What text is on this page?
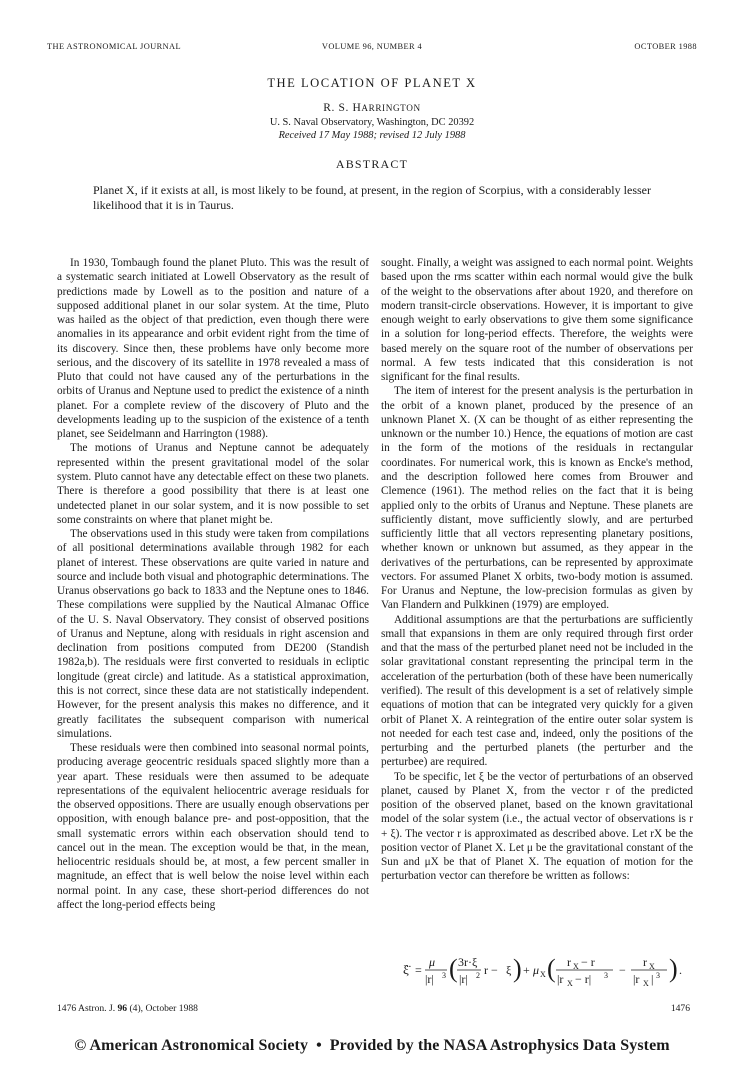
THE ASTRONOMICAL JOURNAL	VOLUME 96, NUMBER 4	OCTOBER 1988
THE LOCATION OF PLANET X
R. S. HARRINGTON
U. S. Naval Observatory, Washington, DC 20392
Received 17 May 1988; revised 12 July 1988
ABSTRACT
Planet X, if it exists at all, is most likely to be found, at present, in the region of Scorpius, with a considerably lesser likelihood that it is in Taurus.

In 1930, Tombaugh found the planet Pluto. This was the result of a systematic search initiated at Lowell Observatory as the result of predictions made by Lowell as to the position and nature of a supposed additional planet in our solar system. At the time, Pluto was hailed as the object of that prediction, even though there were anomalies in its appearance and orbit evident right from the time of its discovery. Since then, these problems have only become more serious, and the discovery of its satellite in 1978 revealed a mass of Pluto that could not have caused any of the perturbations in the orbits of Uranus and Neptune used to predict the existence of a ninth planet. For a complete review of the discovery of Pluto and the developments leading up to the suspicion of the existence of a tenth planet, see Seidelmann and Harrington (1988).

The motions of Uranus and Neptune cannot be adequately represented within the present gravitational model of the solar system. Pluto cannot have any detectable effect on these two planets. There is therefore a good possibility that there is at least one undetected planet in our solar system, and it is now possible to set some constraints on where that planet might be.

The observations used in this study were taken from compilations of all positional determinations available through 1982 for each planet of interest. These observations are quite varied in nature and source and include both visual and photographic determinations. The Uranus observations go back to 1833 and the Neptune ones to 1846. These compilations were supplied by the Nautical Almanac Office of the U. S. Naval Observatory. They consist of observed positions of Uranus and Neptune, along with residuals in right ascension and declination from positions computed from DE200 (Standish 1982a,b). The residuals were first converted to residuals in ecliptic longitude (great circle) and latitude. As a statistical approximation, this is not correct, since these data are not statistically independent. However, for the present analysis this makes no difference, and it greatly facilitates the subsequent comparison with numerical simulations.

These residuals were then combined into seasonal normal points, producing average geocentric residuals spaced slightly more than a year apart. These residuals were then assumed to be adequate representations of the equivalent heliocentric average residuals for the observed oppositions. There are usually enough observations per opposition, with enough balance pre- and post-opposition, that the small systematic errors within each observation should tend to cancel out in the mean. The exception would be that, in the mean, heliocentric residuals should be, at most, a few percent smaller in magnitude, an effect that is well below the noise level within each normal point. In any case, these short-period differences do not affect the long-period effects being

sought. Finally, a weight was assigned to each normal point. Weights based upon the rms scatter within each normal would give the bulk of the weight to the observations after about 1920, and therefore on modern transit-circle observations. However, it is important to give enough weight to early observations to give them some significance in a solution for long-period effects. Therefore, the weights were based merely on the square root of the number of observations per normal. A few tests indicated that this consideration is not significant for the final results.

The item of interest for the present analysis is the perturbation in the orbit of a known planet, produced by the presence of an unknown Planet X. (X can be thought of as either representing the unknown or the number 10.) Hence, the equations of motion are cast in the form of the motions of the residuals in rectangular coordinates. For numerical work, this is known as Encke's method, and the description followed here comes from Brouwer and Clemence (1961). The method relies on the fact that it is being applied only to the orbits of Uranus and Neptune. These planets are sufficiently distant, move sufficiently slowly, and are perturbed sufficiently little that all vectors representing planetary positions, whether known or unknown but assumed, as they appear in the derivatives of the perturbations, can be represented by approximate vectors. For assumed Planet X orbits, two-body motion is assumed. For Uranus and Neptune, the low-precision formulas as given by Van Flandern and Pulkkinen (1979) are employed.

Additional assumptions are that the perturbations are sufficiently small that expansions in them are only required through first order and that the mass of the perturbed planet need not be included in the solar gravitational constant representing the principal term in the acceleration of the perturbation (both of these have been numerically verified). The result of this development is a set of relatively simple equations of motion that can be integrated very quickly for a given orbit of Planet X. A reintegration of the entire outer solar system is not needed for each test case and, indeed, only the positions of the perturbing and the perturbed planets (the perturber and the perturbee) are required.

To be specific, let ξ be the vector of perturbations of an observed planet, caused by Planet X, from the vector r of the predicted position of the observed planet, based on the known gravitational model of the solar system (i.e., the actual vector of observations is r + ξ). The vector r is approximated as described above. Let rX be the position vector of Planet X. Let μ be the gravitational constant of the Sun and μX be that of Planet X. The equation of motion for the perturbation vector can therefore be written as follows:

ξ̈ =
μ
|r| 3 ( 3r·ξ
|r| 2 r − ξ ) + μ X ( r X − r
|r X − r| 3 −
r X
|r X | 3 ) .
1476 Astron. J. 96 (4), October 1988	1476
© American Astronomical Society • Provided by the NASA Astrophysics Data System
